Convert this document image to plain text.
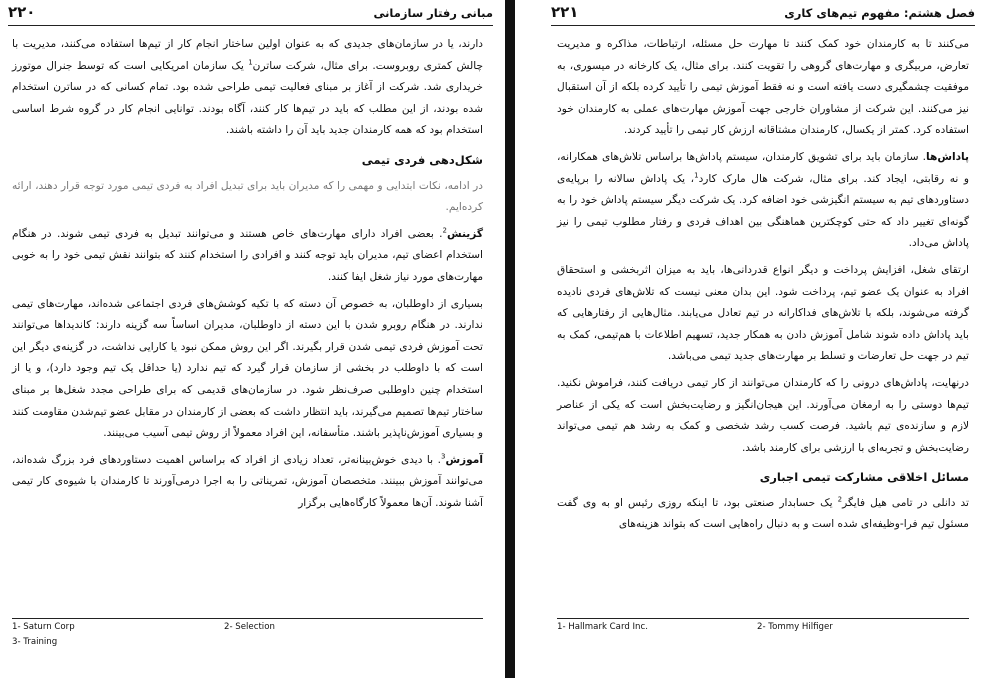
مبانی رفتار سازمانی
۲۲۰

دارند، یا در سازمان‌های جدیدی که به عنوان اولین ساختار انجام کار از تیم‌ها استفاده می‌کنند، مدیریت با چالش کمتری روبروست. برای مثال، شرکت ساترن$^1$ یک سازمان امریکایی است که توسط جنرال موتورز خریداری شد. شرکت از آغاز بر مبنای فعالیت تیمی طراحی شده بود. تمام کسانی که در ساترن استخدام شده بودند، از این مطلب که باید در تیم‌ها کار کنند، آگاه بودند. توانایی انجام کار در گروه شرط اساسی استخدام بود که همه کارمندان جدید باید آن را داشته باشند.

شکل‌دهی فردی تیمی

در ادامه، نکات ابتدایی و مهمی را که مدیران باید برای تبدیل افراد به فردی تیمی مورد توجه قرار دهند، ارائه کرده‌ایم.

گزینش$^2$. بعضی افراد دارای مهارت‌های خاص هستند و می‌توانند تبدیل به فردی تیمی شوند. در هنگام استخدام اعضای تیم، مدیران باید توجه کنند و افرادی را استخدام کنند که بتوانند نقش تیمی خود را به خوبی مهارت‌های مورد نیاز شغل ایفا کنند.

بسیاری از داوطلبان، به خصوص آن دسته که با تکیه کوشش‌های فردی اجتماعی شده‌اند، مهارت‌های تیمی ندارند. در هنگام روبرو شدن با این دسته از داوطلبان، مدیران اساساً سه گزینه دارند: کاندیداها می‌توانند تحت آموزش فردی تیمی شدن قرار بگیرند. اگر این روش ممکن نبود یا کارایی نداشت، در گزینه‌ی دیگر این است که با داوطلب در بخشی از سازمان قرار گیرد که تیم ندارد (یا حداقل یک تیم وجود دارد)، و یا از استخدام چنین داوطلبی صرف‌نظر شود. در سازمان‌های قدیمی که برای طراحی مجدد شغل‌ها بر مبنای ساختار تیم‌ها تصمیم می‌گیرند، باید انتظار داشت که بعضی از کارمندان در مقابل عضو تیم‌شدن مقاومت کنند و بسیاری آموزش‌ناپذیر باشند. متأسفانه، این افراد معمولاً از روش تیمی آسیب می‌بینند.

آموزش$^3$. با دیدی خوش‌بینانه‌تر، تعداد زیادی از افراد که براساس اهمیت دستاوردهای فرد بزرگ شده‌اند، می‌توانند آموزش ببینند. متخصصان آموزش، تمریناتی را به اجرا درمی‌آورند تا کارمندان با شیوه‌ی کار تیمی آشنا شوند. آن‌ها معمولاً کارگاه‌هایی برگزار

1- Saturn Corp	2- Selection
3- Training
فصل هشتم: مفهوم تیم‌های کاری
۲۲۱

می‌کنند تا به کارمندان خود کمک کنند تا مهارت حل مسئله، ارتباطات، مذاکره و مدیریت تعارض، مربیگری و مهارت‌های گروهی را تقویت کنند. برای مثال، یک کارخانه در میسوری، به موفقیت چشمگیری دست یافته است و نه فقط آموزش تیمی را تأیید کرده بلکه از آن استقبال نیز می‌کنند. این شرکت از مشاوران خارجی جهت آموزش مهارت‌های عملی به کارمندان خود استفاده کرد. کمتر از یکسال، کارمندان مشتاقانه ارزش کار تیمی را تأیید کردند.

پاداش‌ها. سازمان باید برای تشویق کارمندان، سیستم پاداش‌ها براساس تلاش‌های همکارانه، و نه رقابتی، ایجاد کند. برای مثال، شرکت هال مارک کارد$^1$، یک پاداش سالانه را برپایه‌ی دستاوردهای تیم به سیستم انگیزشی خود اضافه کرد. یک شرکت دیگر سیستم پاداش خود را به گونه‌ای تغییر داد که حتی کوچکترین هماهنگی بین اهداف فردی و رفتار مطلوب تیمی را نیز پاداش می‌داد.

ارتقای شغل، افزایش پرداخت و دیگر انواع قدردانی‌ها، باید به میزان اثربخشی و استحقاق افراد به عنوان یک عضو تیم، پرداخت شود. این بدان معنی نیست که تلاش‌های فردی نادیده گرفته می‌شوند، بلکه با تلاش‌های فداکارانه در تیم تعادل می‌یابند. مثال‌هایی از رفتارهایی که باید پاداش داده شوند شامل آموزش دادن به همکار جدید، تسهیم اطلاعات با هم‌تیمی، کمک به تیم در جهت حل تعارضات و تسلط بر مهارت‌های جدید تیمی می‌باشد.

درنهایت، پاداش‌های درونی را که کارمندان می‌توانند از کار تیمی دریافت کنند، فراموش نکنید. تیم‌ها دوستی را به ارمغان می‌آورند. این هیجان‌انگیز و رضایت‌بخش است که یکی از عناصر لازم و سازنده‌ی تیم باشید. فرصت کسب رشد شخصی و کمک به رشد هم تیمی می‌تواند رضایت‌بخش و تجربه‌ای با ارزشی برای کارمند باشد.

مسائل اخلاقی مشارکت تیمی اجباری

تد دانلی در تامی هیل فایگر$^2$ یک حسابدار صنعتی بود، تا اینکه روزی رئیس او به وی گفت مسئول تیم فرا-وظیفه‌ای شده است و به دنبال راه‌هایی است که بتواند هزینه‌های

1- Hallmark Card Inc.	2- Tommy Hilfiger
